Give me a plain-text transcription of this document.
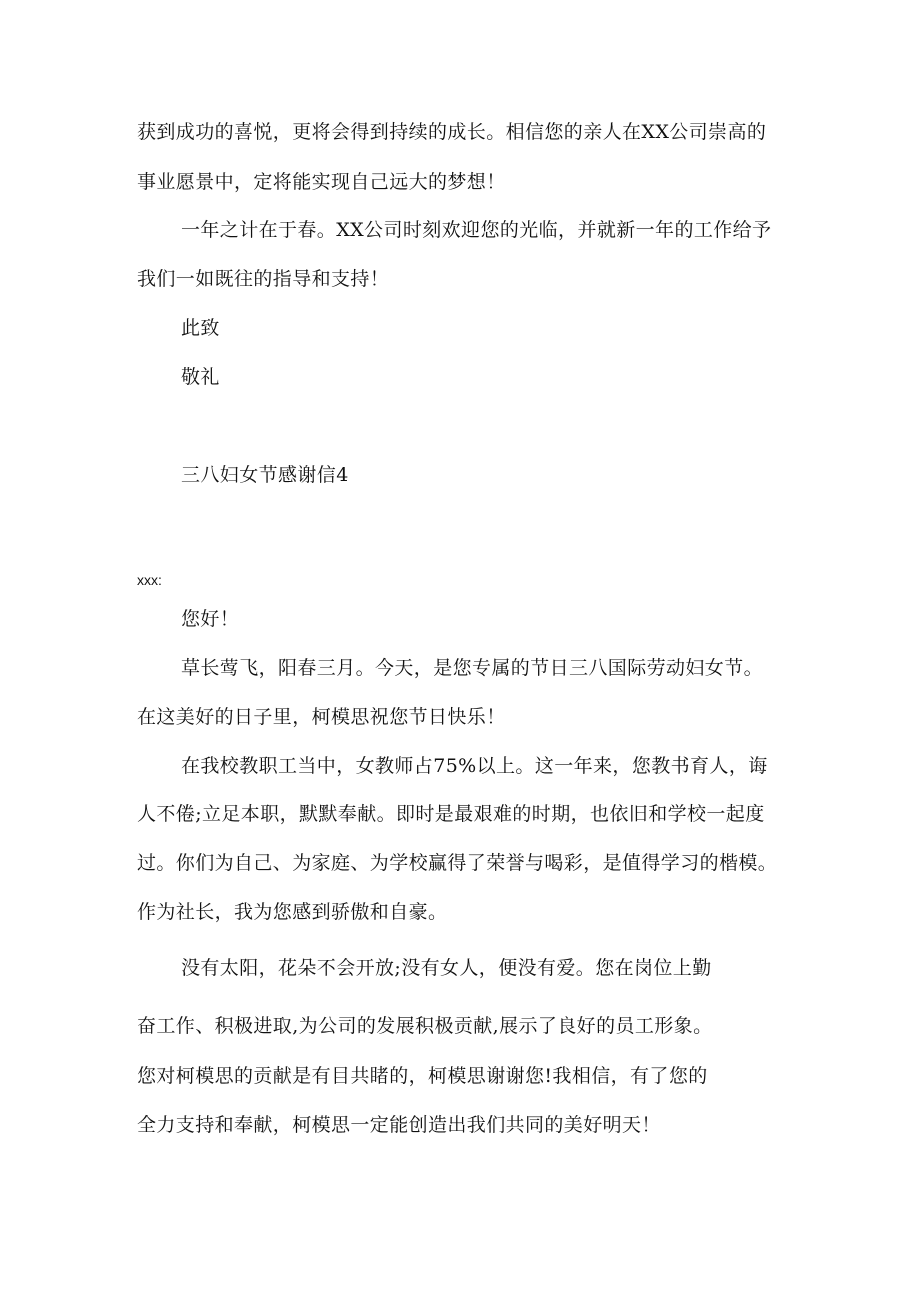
获到成功的喜悦，更将会得到持续的成长。相信您的亲人在XX公司崇高的
事业愿景中，定将能实现自己远大的梦想！
一年之计在于春。XX公司时刻欢迎您的光临，并就新一年的工作给予
我们一如既往的指导和支持！
此致
敬礼
三八妇女节感谢信4
xxx:
您好！
草长莺飞，阳春三月。今天，是您专属的节日三八国际劳动妇女节。
在这美好的日子里，柯模思祝您节日快乐！
在我校教职工当中，女教师占75%以上。这一年来，您教书育人，诲
人不倦;立足本职，默默奉献。即时是最艰难的时期，也依旧和学校一起度
过。你们为自己、为家庭、为学校赢得了荣誉与喝彩，是值得学习的楷模。
作为社长，我为您感到骄傲和自豪。
没有太阳，花朵不会开放;没有女人，便没有爱。您在岗位上勤
奋工作、积极进取,为公司的发展积极贡献,展示了良好的员工形象。
您对柯模思的贡献是有目共睹的，柯模思谢谢您!我相信，有了您的
全力支持和奉献，柯模思一定能创造出我们共同的美好明天！
